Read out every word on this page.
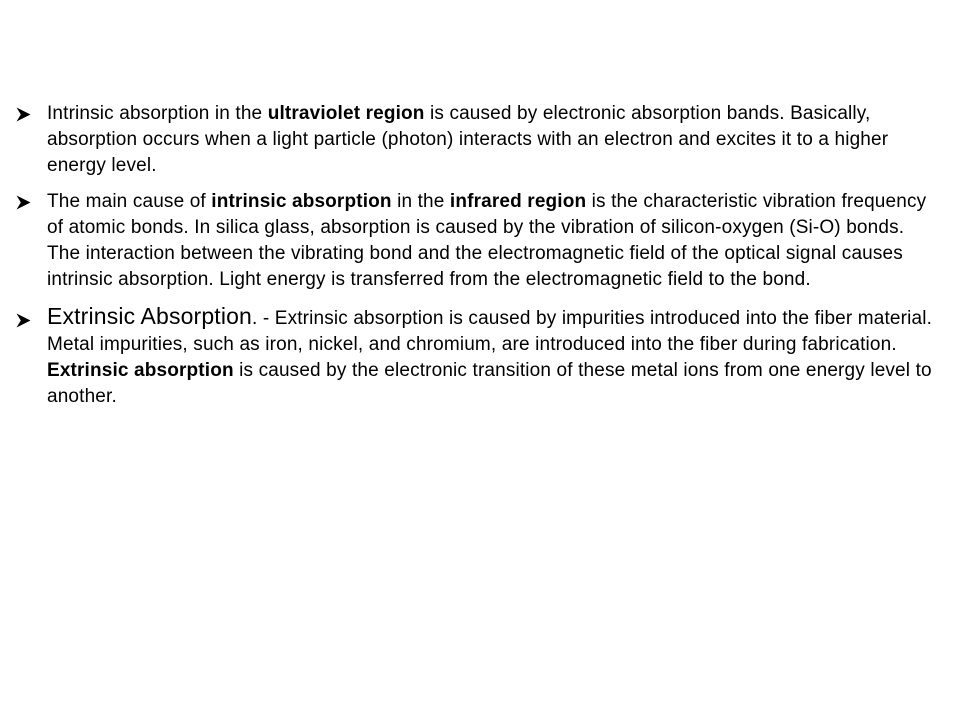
Intrinsic absorption in the ultraviolet region is caused by electronic absorption bands. Basically, absorption occurs when a light particle (photon) interacts with an electron and excites it to a higher energy level.
The main cause of intrinsic absorption in the infrared region is the characteristic vibration frequency of atomic bonds. In silica glass, absorption is caused by the vibration of silicon-oxygen (Si-O) bonds. The interaction between the vibrating bond and the electromagnetic field of the optical signal causes intrinsic absorption. Light energy is transferred from the electromagnetic field to the bond.
Extrinsic Absorption. - Extrinsic absorption is caused by impurities introduced into the fiber material. Metal impurities, such as iron, nickel, and chromium, are introduced into the fiber during fabrication. Extrinsic absorption is caused by the electronic transition of these metal ions from one energy level to another.
